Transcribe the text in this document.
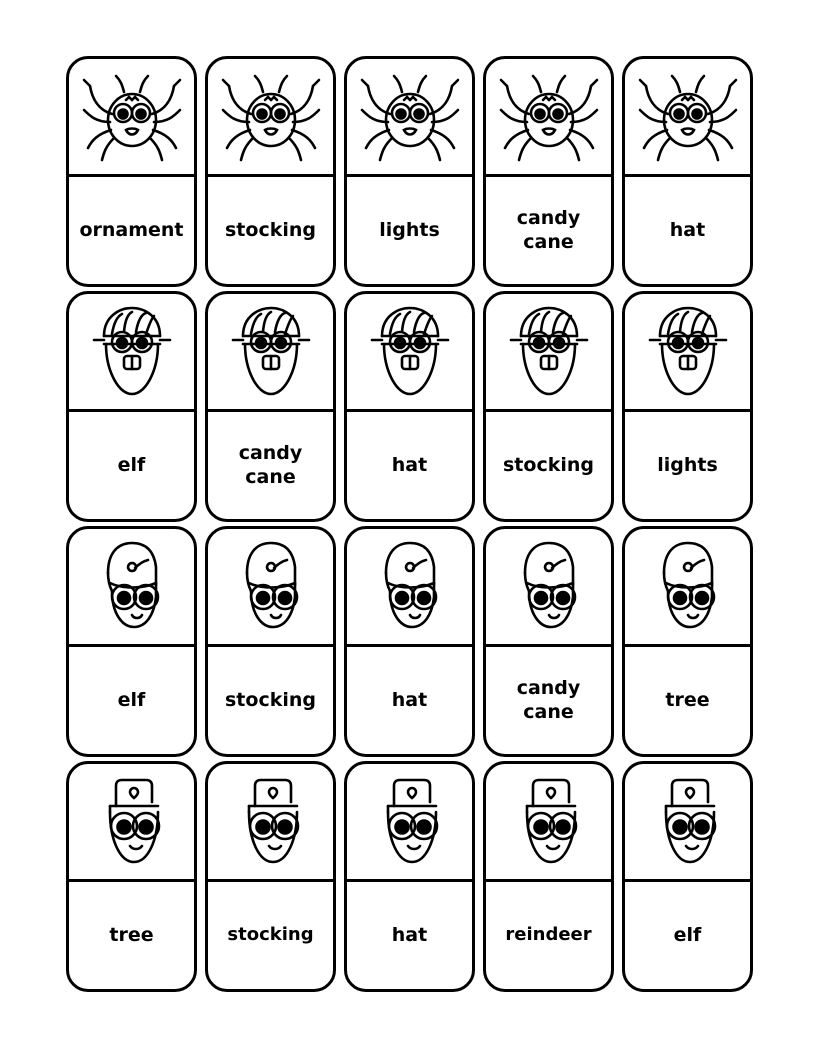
ornament	stocking	lights
candy cane
hat
elf
candy cane
hat	stocking	lights
elf	stocking	hat
candy cane
tree
tree	stocking	hat	reindeer	elf
